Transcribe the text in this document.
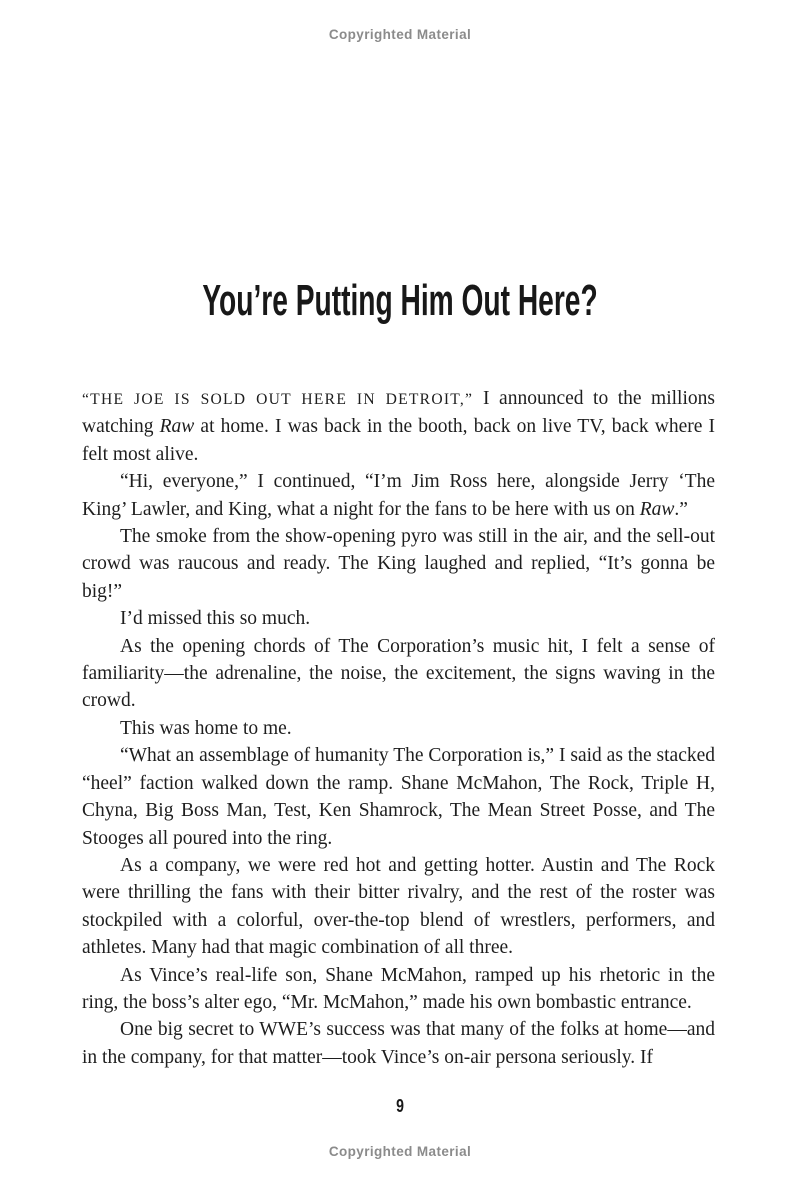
Copyrighted Material
You’re Putting Him Out Here?

“THE JOE IS SOLD OUT HERE IN DETROIT,” I announced to the millions watching Raw at home. I was back in the booth, back on live TV, back where I felt most alive.

“Hi, everyone,” I continued, “I’m Jim Ross here, alongside Jerry ‘The King’ Lawler, and King, what a night for the fans to be here with us on Raw.”

The smoke from the show-opening pyro was still in the air, and the sell-out crowd was raucous and ready. The King laughed and replied, “It’s gonna be big!”

I’d missed this so much.

As the opening chords of The Corporation’s music hit, I felt a sense of familiarity—the adrenaline, the noise, the excitement, the signs waving in the crowd.

This was home to me.

“What an assemblage of humanity The Corporation is,” I said as the stacked “heel” faction walked down the ramp. Shane McMahon, The Rock, Triple H, Chyna, Big Boss Man, Test, Ken Shamrock, The Mean Street Posse, and The Stooges all poured into the ring.

As a company, we were red hot and getting hotter. Austin and The Rock were thrilling the fans with their bitter rivalry, and the rest of the roster was stockpiled with a colorful, over-the-top blend of wrestlers, performers, and athletes. Many had that magic combination of all three.

As Vince’s real-life son, Shane McMahon, ramped up his rhetoric in the ring, the boss’s alter ego, “Mr. McMahon,” made his own bombastic entrance.

One big secret to WWE’s success was that many of the folks at home—and in the company, for that matter—took Vince’s on-air persona seriously. If

9
Copyrighted Material
